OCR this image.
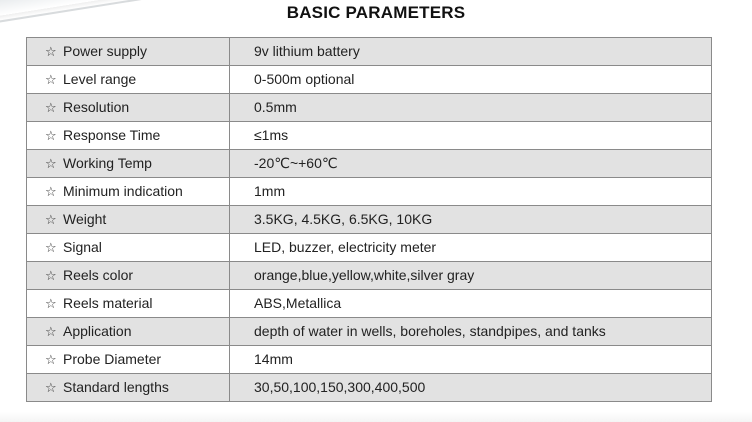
BASIC PARAMETERS
☆ Power supply	9v lithium battery
☆ Level range	0-500m optional
☆ Resolution	0.5mm
☆ Response Time	≤1ms
☆ Working Temp	-20℃~+60℃
☆ Minimum indication	1mm
☆ Weight	3.5KG, 4.5KG, 6.5KG, 10KG
☆ Signal	LED, buzzer, electricity meter
☆ Reels color	orange,blue,yellow,white,silver gray
☆ Reels material	ABS,Metallica
☆ Application	depth of water in wells, boreholes, standpipes, and tanks
☆ Probe Diameter	14mm
☆ Standard lengths	30,50,100,150,300,400,500
